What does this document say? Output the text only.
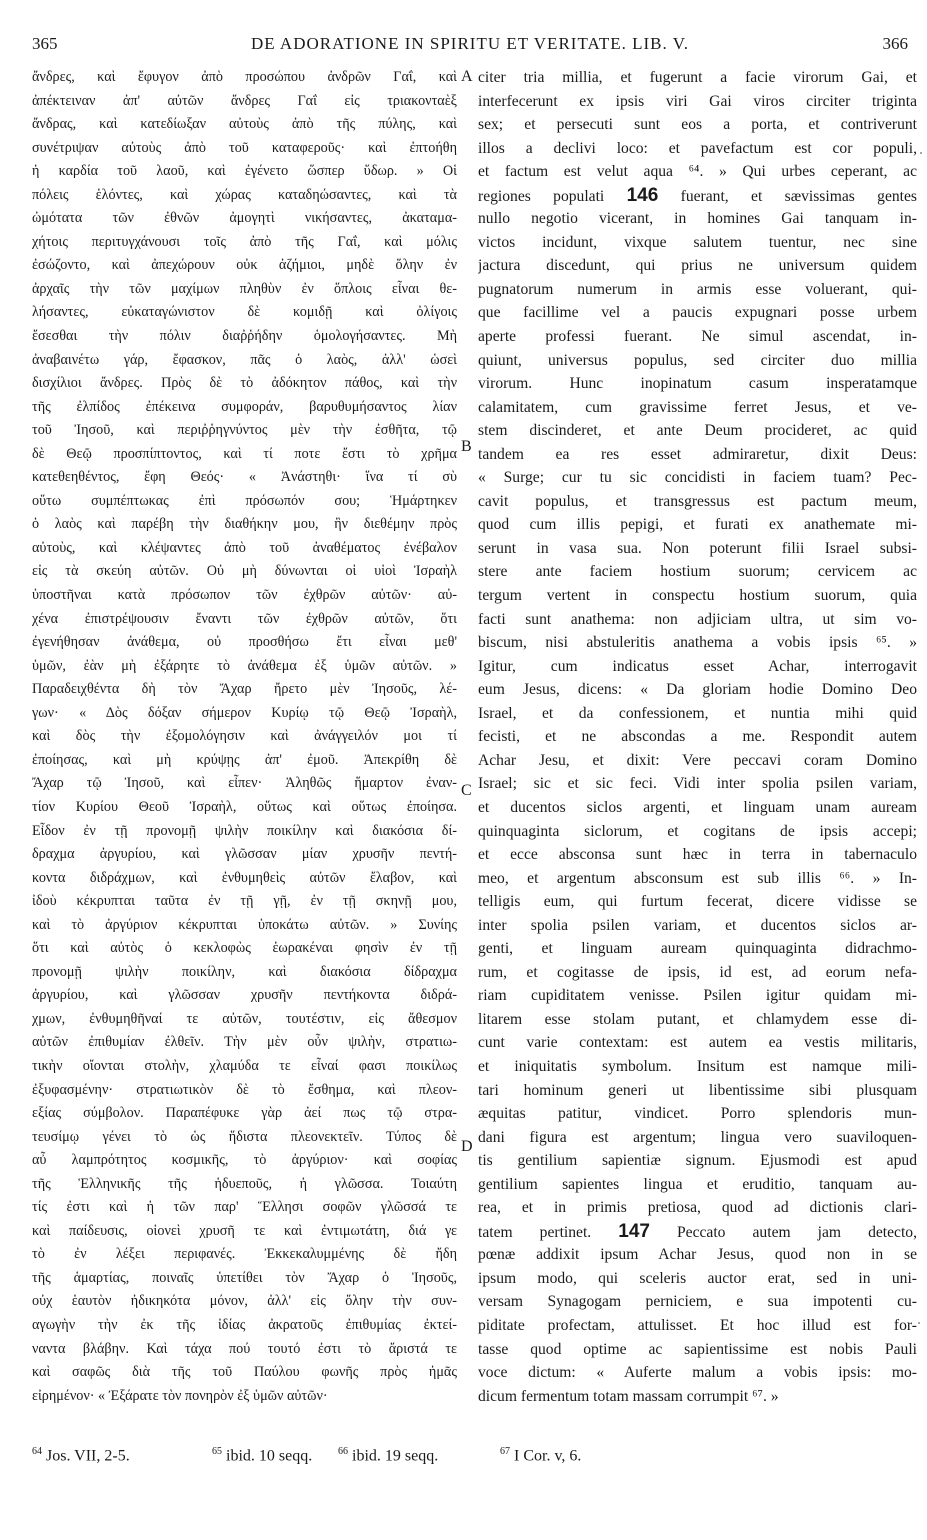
365	DE ADORATIONE IN SPIRITU ET VERITATE. LIB. V.	366
ἄνδρες, καὶ ἔφυγον ἀπὸ προσώπου ἀνδρῶν Γαΐ, καὶ
ἀπέκτειναν ἀπ' αὐτῶν ἄνδρες Γαΐ εἰς τριακονταὲξ
ἄνδρας, καὶ κατεδίωξαν αὐτοὺς ἀπὸ τῆς πύλης, καὶ
συνέτριψαν αὐτοὺς ἀπὸ τοῦ καταφεροῦς· καὶ ἐπτοήθη
ἡ καρδία τοῦ λαοῦ, καὶ ἐγένετο ὥσπερ ὕδωρ. » Οἱ
πόλεις ἑλόντες, καὶ χώρας καταδηώσαντες, καὶ τὰ
ὠμότατα τῶν ἐθνῶν ἀμογητὶ νικήσαντες, ἀκαταμα-
χήτοις περιτυγχάνουσι τοῖς ἀπὸ τῆς Γαΐ, καὶ μόλις
ἐσώζοντο, καὶ ἀπεχώρουν οὐκ ἀζήμιοι, μηδὲ ὅλην ἐν
ἀρχαῖς τὴν τῶν μαχίμων πληθὺν ἐν ὅπλοις εἶναι θε-
λήσαντες, εὐκαταγώνιστον δὲ κομιδῇ καὶ ὀλίγοις
ἔσεσθαι τὴν πόλιν διαῤῥήδην ὁμολογήσαντες. Μὴ
ἀναβαινέτω γάρ, ἔφασκον, πᾶς ὁ λαὸς, ἀλλ' ὡσεὶ
δισχίλιοι ἄνδρες. Πρὸς δὲ τὸ ἀδόκητον πάθος, καὶ τὴν
τῆς ἐλπίδος ἐπέκεινα συμφοράν, βαρυθυμήσαντος λίαν
τοῦ Ἰησοῦ, καὶ περιῤῥηγνύντος μὲν τὴν ἐσθῆτα, τῷ
δὲ Θεῷ προσπίπτοντος, καὶ τί ποτε ἔστι τὸ χρῆμα
κατεθεηθέντος, ἔφη Θεός· « Ἀνάστηθι· ἵνα τί σὺ
οὕτω συμπέπτωκας ἐπὶ πρόσωπόν σου; Ἡμάρτηκεν
ὁ λαὸς καὶ παρέβη τὴν διαθήκην μου, ἣν διεθέμην πρὸς
αὐτοὺς, καὶ κλέψαντες ἀπὸ τοῦ ἀναθέματος ἐνέβαλον
εἰς τὰ σκεύη αὐτῶν. Οὐ μὴ δύνωνται οἱ υἱοὶ Ἰσραὴλ
ὑποστῆναι κατὰ πρόσωπον τῶν ἐχθρῶν αὐτῶν· αὐ-
χένα ἐπιστρέψουσιν ἔναντι τῶν ἐχθρῶν αὐτῶν, ὅτι
ἐγενήθησαν ἀνάθεμα, οὐ προσθήσω ἔτι εἶναι μεθ'
ὑμῶν, ἐὰν μὴ ἐξάρητε τὸ ἀνάθεμα ἐξ ὑμῶν αὐτῶν. »
Παραδειχθέντα δὴ τὸν Ἄχαρ ἤρετο μὲν Ἰησοῦς, λέ-
γων· « Δὸς δόξαν σήμερον Κυρίῳ τῷ Θεῷ Ἰσραὴλ,
καὶ δὸς τὴν ἐξομολόγησιν καὶ ἀνάγγειλόν μοι τί
ἐποίησας, καὶ μὴ κρύψῃς ἀπ' ἐμοῦ. Ἀπεκρίθη δὲ
Ἄχαρ τῷ Ἰησοῦ, καὶ εἶπεν· Ἀληθῶς ἥμαρτον ἐναν-
τίον Κυρίου Θεοῦ Ἰσραὴλ, οὕτως καὶ οὕτως ἐποίησα.
Εἶδον ἐν τῇ προνομῇ ψιλὴν ποικίλην καὶ διακόσια δί-
δραχμα ἀργυρίου, καὶ γλῶσσαν μίαν χρυσῆν πεντή-
κοντα διδράχμων, καὶ ἐνθυμηθεὶς αὐτῶν ἔλαβον, καὶ
ἰδοὺ κέκρυπται ταῦτα ἐν τῇ γῇ, ἐν τῇ σκηνῇ μου,
καὶ τὸ ἀργύριον κέκρυπται ὑποκάτω αὐτῶν. » Συνίης
ὅτι καὶ αὐτὸς ὁ κεκλοφὼς ἑωρακέναι φησὶν ἐν τῇ
προνομῇ ψιλὴν ποικίλην, καὶ διακόσια δίδραχμα
ἀργυρίου, καὶ γλῶσσαν χρυσῆν πεντήκοντα διδρά-
χμων, ἐνθυμηθῆναί τε αὐτῶν, τουτέστιν, εἰς ἄθεσμον
αὐτῶν ἐπιθυμίαν ἐλθεῖν. Τὴν μὲν οὖν ψιλὴν, στρατιω-
τικὴν οἴονται στολὴν, χλαμύδα τε εἶναί φασι ποικίλως
ἐξυφασμένην· στρατιωτικὸν δὲ τὸ ἔσθημα, καὶ πλεον-
εξίας σύμβολον. Παραπέφυκε γὰρ ἀεί πως τῷ στρα-
τευσίμῳ γένει τὸ ὡς ἥδιστα πλεονεκτεῖν. Τύπος δὲ
αὖ λαμπρότητος κοσμικῆς, τὸ ἀργύριον· καὶ σοφίας
τῆς Ἑλληνικῆς τῆς ἡδυεποῦς, ἡ γλῶσσα. Τοιαύτη
τίς ἐστι καὶ ἡ τῶν παρ' Ἕλλησι σοφῶν γλῶσσά τε
καὶ παίδευσις, οἱονεὶ χρυσῆ τε καὶ ἐντιμωτάτη, διά γε
τὸ ἐν λέξει περιφανές. Ἐκκεκαλυμμένης δὲ ἤδη
τῆς ἁμαρτίας, ποιναῖς ὑπετίθει τὸν Ἄχαρ ὁ Ἰησοῦς,
οὐχ ἑαυτὸν ἠδικηκότα μόνον, ἀλλ' εἰς ὅλην τὴν συν-
αγωγὴν τὴν ἐκ τῆς ἰδίας ἀκρατοῦς ἐπιθυμίας ἐκτεί-
ναντα βλάβην. Καὶ τάχα πού τουτό ἐστι τὸ ἄριστά τε
καὶ σαφῶς διὰ τῆς τοῦ Παύλου φωνῆς πρὸς ἡμᾶς
εἰρημένον· « Ἐξάρατε τὸν πονηρὸν ἐξ ὑμῶν αὐτῶν·
citer tria millia, et fugerunt a facie virorum Gai, et
interfecerunt ex ipsis viri Gai viros circiter triginta
sex; et persecuti sunt eos a porta, et contriverunt
illos a declivi loco: et pavefactum est cor populi,
et factum est velut aqua ⁶⁴. » Qui urbes ceperant, ac
regiones populati 146 fuerant, et sævissimas gentes
nullo negotio vicerant, in homines Gai tanquam in-
victos incidunt, vixque salutem tuentur, nec sine
jactura discedunt, qui prius ne universum quidem
pugnatorum numerum in armis esse voluerant, qui-
que facillime vel a paucis expugnari posse urbem
aperte professi fuerant. Ne simul ascendat, in-
quiunt, universus populus, sed circiter duo millia
virorum. Hunc inopinatum casum insperatamque
calamitatem, cum gravissime ferret Jesus, et ve-
stem discinderet, et ante Deum procideret, ac quid
tandem ea res esset admiraretur, dixit Deus:
« Surge; cur tu sic concidisti in faciem tuam? Pec-
cavit populus, et transgressus est pactum meum,
quod cum illis pepigi, et furati ex anathemate mi-
serunt in vasa sua. Non poterunt filii Israel subsi-
stere ante faciem hostium suorum; cervicem ac
tergum vertent in conspectu hostium suorum, quia
facti sunt anathema: non adjiciam ultra, ut sim vo-
biscum, nisi abstuleritis anathema a vobis ipsis ⁶⁵. »
Igitur, cum indicatus esset Achar, interrogavit
eum Jesus, dicens: « Da gloriam hodie Domino Deo
Israel, et da confessionem, et nuntia mihi quid
fecisti, et ne abscondas a me. Respondit autem
Achar Jesu, et dixit: Vere peccavi coram Domino
Israel; sic et sic feci. Vidi inter spolia psilen variam,
et ducentos siclos argenti, et linguam unam auream
quinquaginta siclorum, et cogitans de ipsis accepi;
et ecce absconsa sunt hæc in terra in tabernaculo
meo, et argentum absconsum est sub illis ⁶⁶. » In-
telligis eum, qui furtum fecerat, dicere vidisse se
inter spolia psilen variam, et ducentos siclos ar-
genti, et linguam auream quinquaginta didrachmo-
rum, et cogitasse de ipsis, id est, ad eorum nefa-
riam cupiditatem venisse. Psilen igitur quidam mi-
litarem esse stolam putant, et chlamydem esse di-
cunt varie contextam: est autem ea vestis militaris,
et iniquitatis symbolum. Insitum est namque mili-
tari hominum generi ut libentissime sibi plusquam
æquitas patitur, vindicet. Porro splendoris mun-
dani figura est argentum; lingua vero suaviloquen-
tis gentilium sapientiæ signum. Ejusmodi est apud
gentilium sapientes lingua et eruditio, tanquam au-
rea, et in primis pretiosa, quod ad dictionis clari-
tatem pertinet. 147 Peccato autem jam detecto,
pœnæ addixit ipsum Achar Jesus, quod non in se
ipsum modo, qui sceleris auctor erat, sed in uni-
versam Synagogam perniciem, e sua impotenti cu-
piditate profectam, attulisset. Et hoc illud est for-
tasse quod optime ac sapientissime est nobis Pauli
voce dictum: « Auferte malum a vobis ipsis: mo-
dicum fermentum totam massam corrumpit ⁶⁷. »
A
B
C
D
$^{64}$ Jos. VII, 2-5.	$^{65}$ ibid. 10 seqq.	$^{66}$ ibid. 19 seqq.	$^{67}$ I Cor. v, 6.
